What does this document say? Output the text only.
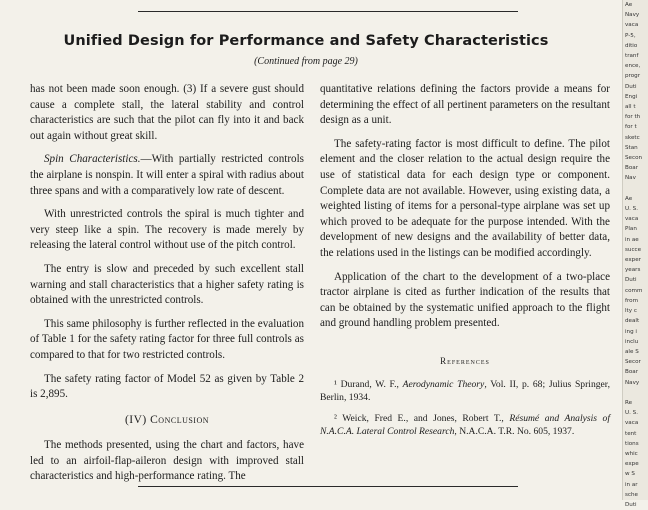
Unified Design for Performance and Safety Characteristics
(Continued from page 29)

has not been made soon enough. (3) If a severe gust should cause a complete stall, the lateral stability and control characteristics are such that the pilot can fly into it and back out again without great skill.

Spin Characteristics.—With partially restricted controls the airplane is nonspin. It will enter a spiral with radius about three spans and with a comparatively low rate of descent.

With unrestricted controls the spiral is much tighter and very steep like a spin. The recovery is made merely by releasing the lateral control without use of the pitch control.

The entry is slow and preceded by such excellent stall warning and stall characteristics that a higher safety rating is obtained with the unrestricted controls.

This same philosophy is further reflected in the evaluation of Table 1 for the safety rating factor for three full controls as compared to that for two restricted controls.

The safety rating factor of Model 52 as given by Table 2 is 2,895.

(IV) Conclusion

The methods presented, using the chart and factors, have led to an airfoil-flap-aileron design with improved stall characteristics and high-performance rating. The

quantitative relations defining the factors provide a means for determining the effect of all pertinent parameters on the resultant design as a unit.

The safety-rating factor is most difficult to define. The pilot element and the closer relation to the actual design require the use of statistical data for each design type or component. Complete data are not available. However, using existing data, a weighted listing of items for a personal-type airplane was set up which proved to be adequate for the purpose intended. With the development of new designs and the availability of better data, the relations used in the listings can be modified accordingly.

Application of the chart to the development of a two-place tractor airplane is cited as further indication of the results that can be obtained by the systematic unified approach to the flight and ground handling problem presented.

References

¹ Durand, W. F., Aerodynamic Theory, Vol. II, p. 68; Julius Springer, Berlin, 1934.

² Weick, Fred E., and Jones, Robert T., Résumé and Analysis of N.A.C.A. Lateral Control Research, N.A.C.A. T.R. No. 605, 1937.

Ae
Navy
vaca
P-5,
ditio
tranf
ence,
progr
Duti
Engi
all t
for th
for t
sketc
Stan
Secon
Boar
Nav

Ae
U. S.
vaca
Plan
in ae
succe
exper
years
Duti
comm
from
lty c
dealt
ing i
inclu
ale S
Secor
Boar
Navy

Re
U. S.
vaca
tent
tions
whic
expe
w S
in ar
sche
Duti
